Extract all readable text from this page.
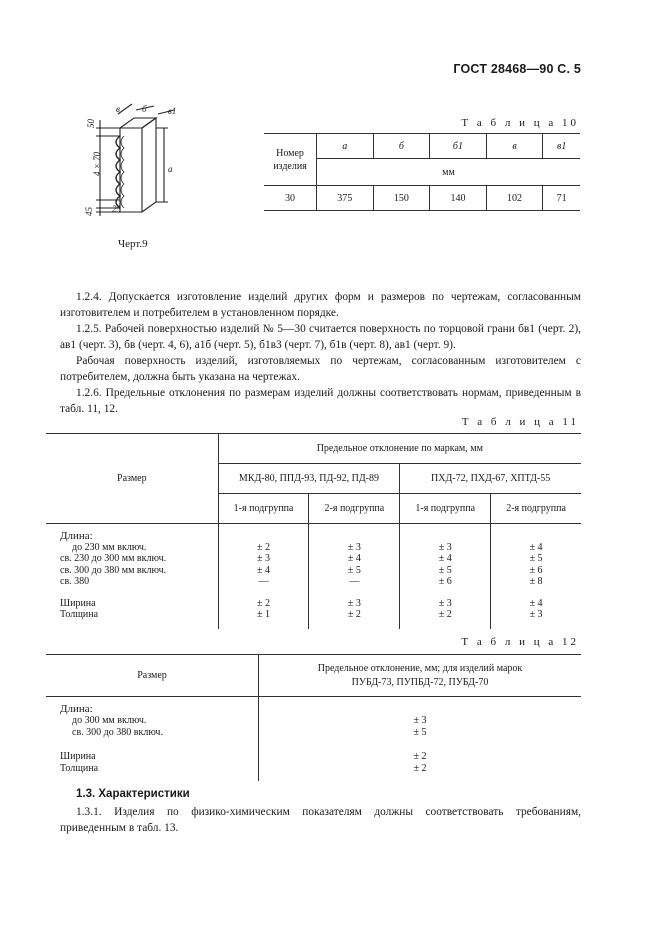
ГОСТ 28468—90 С. 5
50
в б в1
4 × 70	а
45 25
Черт.9
Т а б л и ц а 10
Номер изделия	а	б	б1	в	в1
	мм				
30	375	150	140	102	71
1.2.4. Допускается изготовление изделий других форм и размеров по чертежам, согласованным изготовителем и потребителем в установленном порядке.
1.2.5. Рабочей поверхностью изделий № 5—30 считается поверхность по торцовой грани бв1 (черт. 2), ав1 (черт. 3), бв (черт. 4, 6), а1б (черт. 5), б1в3 (черт. 7), б1в (черт. 8), ав1 (черт. 9).
Рабочая поверхность изделий, изготовляемых по чертежам, согласованным изготовителем с потребителем, должна быть указана на чертежах.
1.2.6. Предельные отклонения по размерам изделий должны соответствовать нормам, приведенным в табл. 11, 12.
Т а б л и ц а 11
Размер	Предельное отклонение по маркам, мм			
	МКД-80, ППД-93, ПД-92, ПД-89		ПХД-72, ПХД-67, ХПТД-55	
	1-я подгруппа	2-я подгруппа	1-я подгруппа	2-я подгруппа

Длина:				
до 230 мм включ.	± 2	± 3	± 3	± 4
св. 230 до 300 мм включ.	± 3	± 4	± 4	± 5
св. 300 до 380 мм включ.	± 4	± 5	± 5	± 6
св. 380	—	—	± 6	± 8

Ширина	± 2	± 3	± 3	± 4
Толщина	± 1	± 2	± 2	± 3

Т а б л и ц а 12
Размер	Предельное отклонение, мм; для изделий марок
ПУБД-73, ПУПБД-72, ПУБД-70

Длина:	
до 300 мм включ.	± 3
св. 300 до 380 включ.	± 5

Ширина	± 2
Толщина	± 2

1.3. Характеристики
1.3.1. Изделия по физико-химическим показателям должны соответствовать требованиям, приведенным в табл. 13.
